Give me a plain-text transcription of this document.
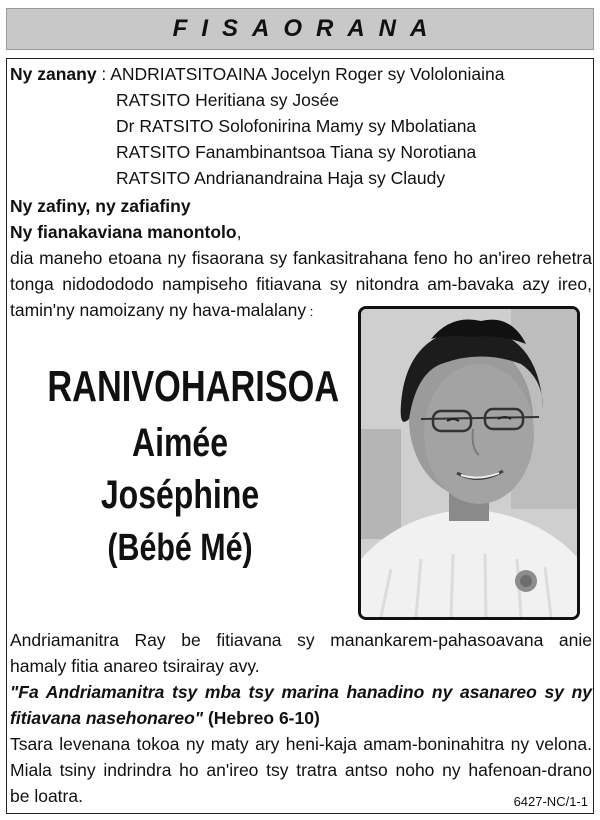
FISAORANA
Ny zanany : ANDRIATSITOAINA Jocelyn Roger sy Vololoniaina
RATSITO Heritiana sy Josée
Dr RATSITO Solofonirina Mamy sy Mbolatiana
RATSITO Fanambinantsoa Tiana sy Norotiana
RATSITO Andrianandraina Haja sy Claudy
Ny zafiny, ny zafiafiny
Ny fianakaviana manontolo,
dia maneho etoana ny fisaorana sy fankasitrahana feno ho an'ireo rehetra
tonga nidodododo nampiseho fitiavana sy nitondra am-bavaka azy ireo,
tamin'ny namoizany ny hava-malalany :
RANIVOHARISOA
Aimée
Joséphine
(Bébé Mé)
Andriamanitra Ray be fitiavana sy manankarem-pahasoavana anie
hamaly fitia anareo tsirairay avy.
"Fa Andriamanitra tsy mba tsy marina hanadino ny asanareo sy ny
fitiavana nasehonareo" (Hebreo 6-10)
Tsara levenana tokoa ny maty ary heni-kaja amam-boninahitra ny velona.
Miala tsiny indrindra ho an'ireo tsy tratra antso noho ny hafenoan-drano
be loatra.	6427-NC/1-1
